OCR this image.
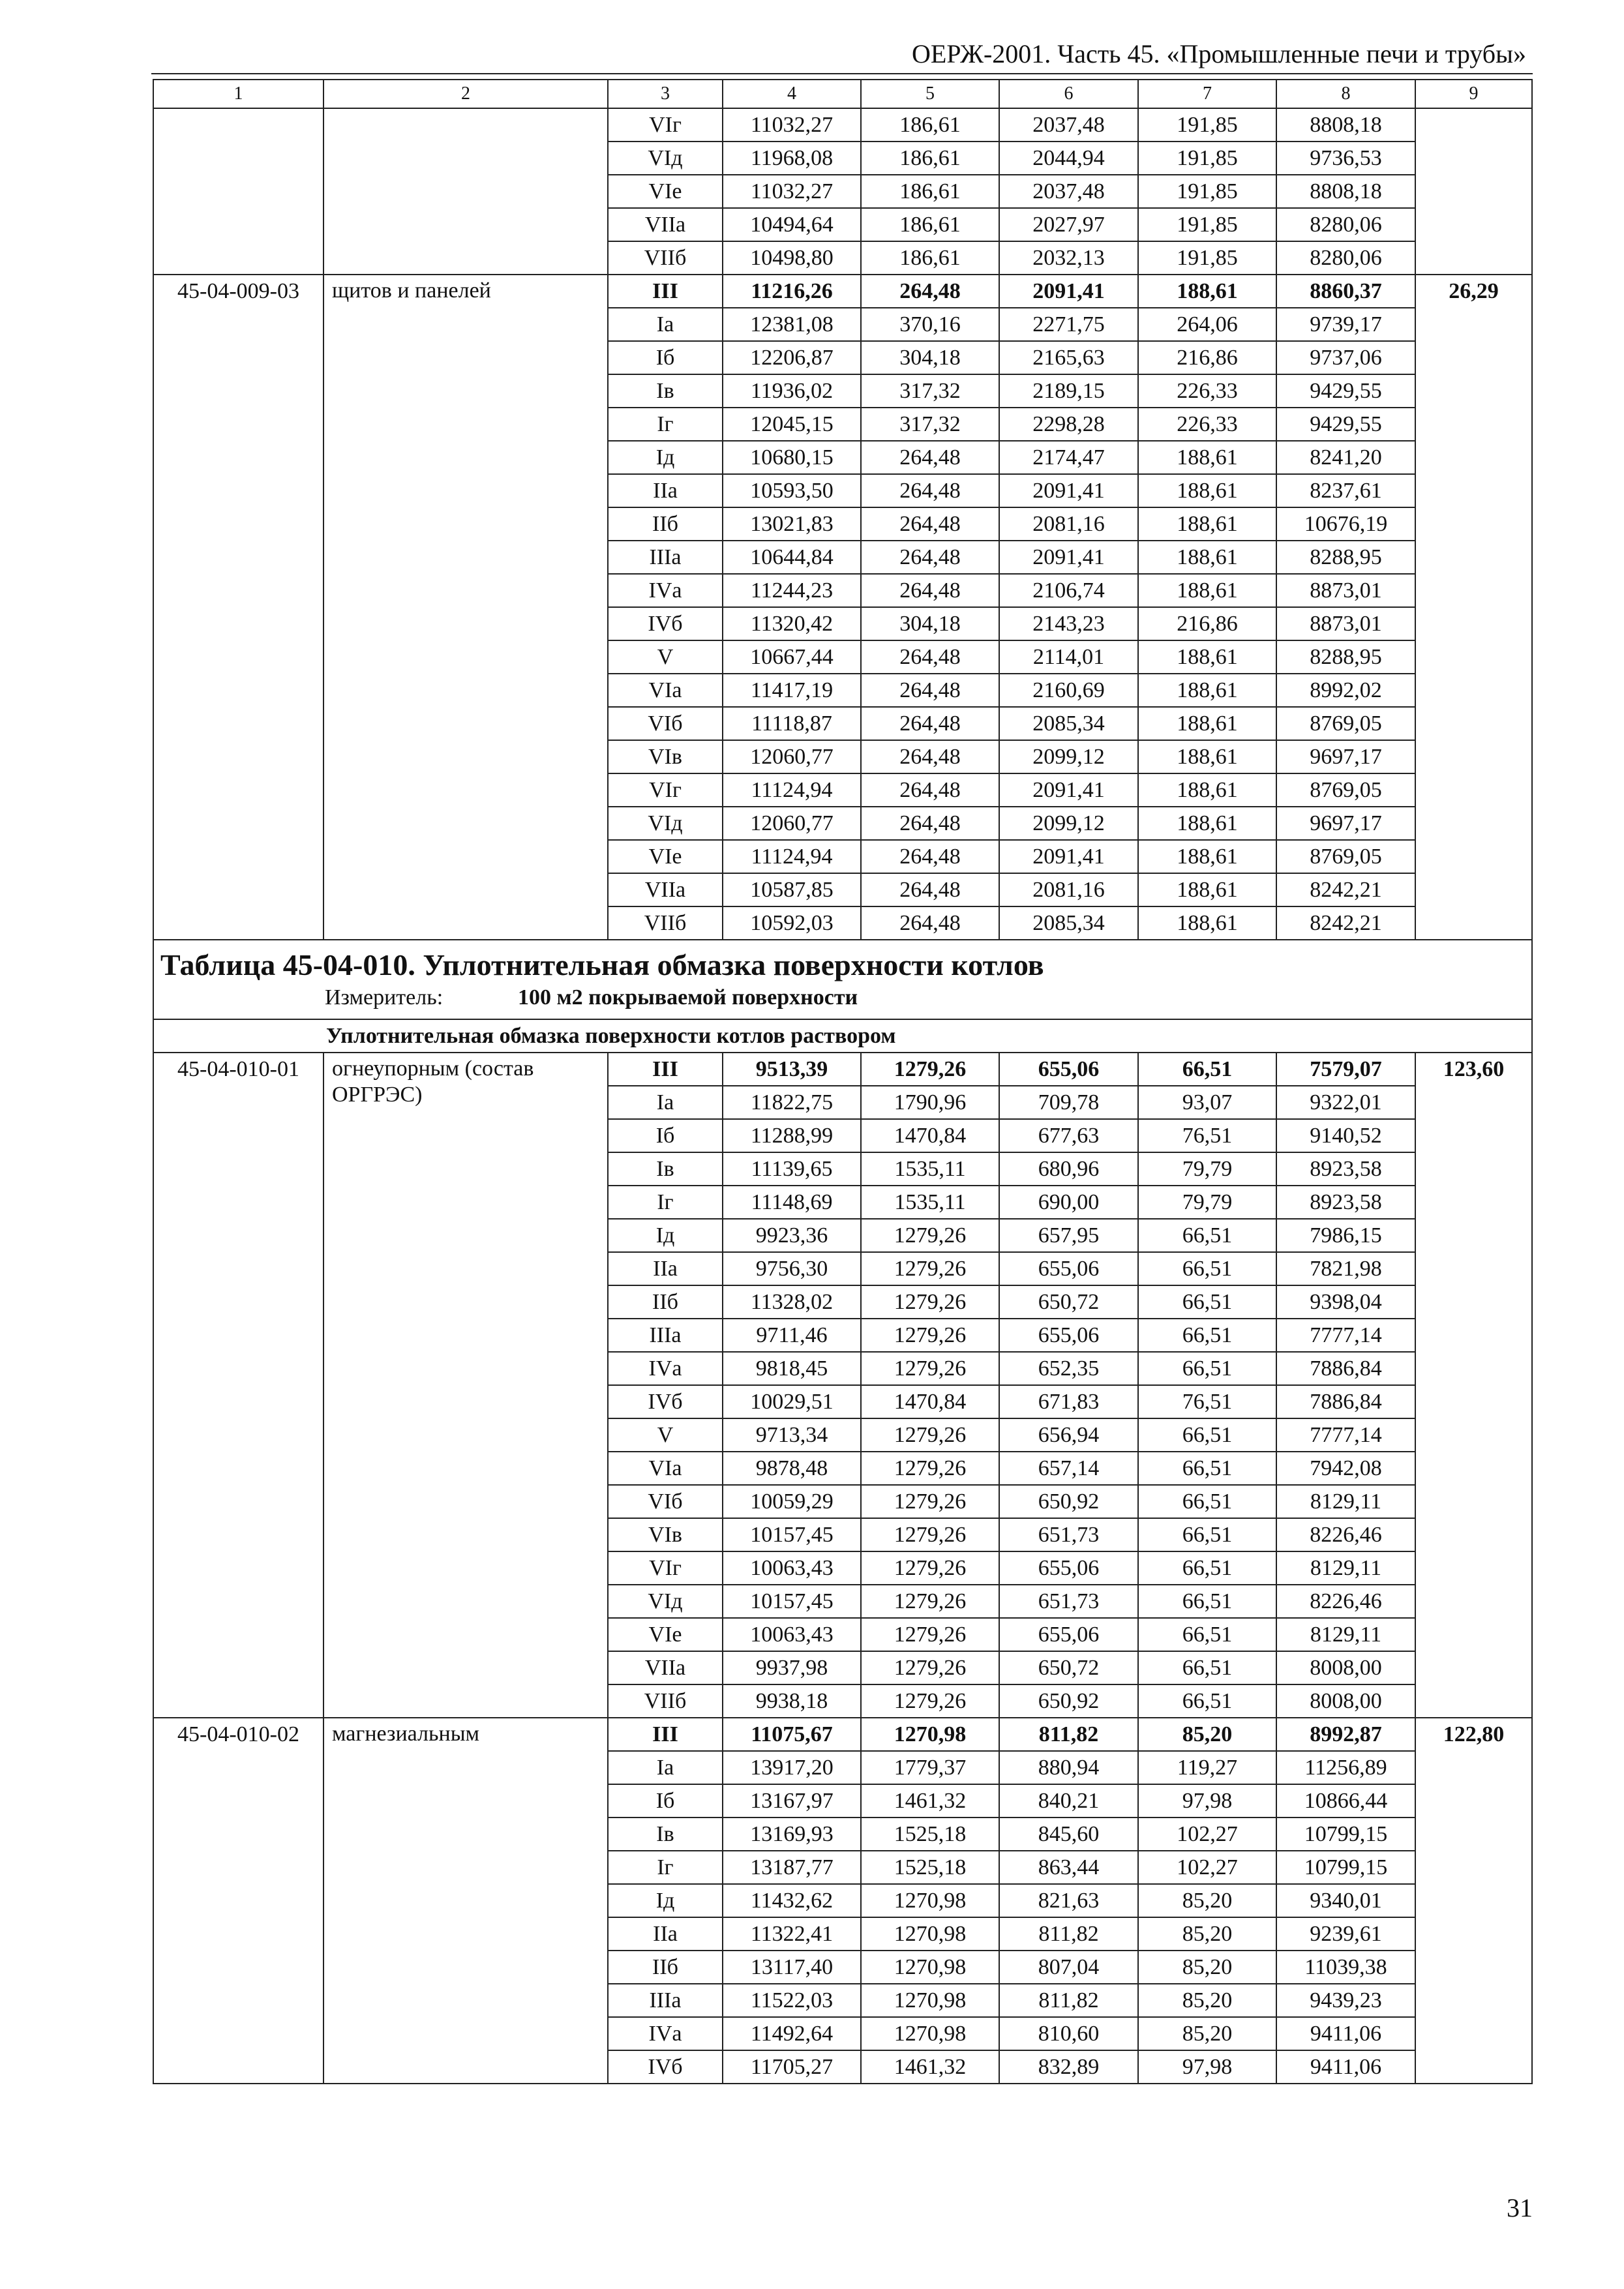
ОЕРЖ-2001. Часть 45. «Промышленные печи и трубы»
1	2	3	4	5	6	7	8	9
		VIг	11032,27	186,61	2037,48	191,85	8808,18	
		VIд	11968,08	186,61	2044,94	191,85	9736,53	
		VIе	11032,27	186,61	2037,48	191,85	8808,18	
		VIIа	10494,64	186,61	2027,97	191,85	8280,06	
		VIIб	10498,80	186,61	2032,13	191,85	8280,06	
45-04-009-03	щитов и панелей	III	11216,26	264,48	2091,41	188,61	8860,37	26,29
		Iа	12381,08	370,16	2271,75	264,06	9739,17	
		Iб	12206,87	304,18	2165,63	216,86	9737,06	
		Iв	11936,02	317,32	2189,15	226,33	9429,55	
		Iг	12045,15	317,32	2298,28	226,33	9429,55	
		Iд	10680,15	264,48	2174,47	188,61	8241,20	
		IIа	10593,50	264,48	2091,41	188,61	8237,61	
		IIб	13021,83	264,48	2081,16	188,61	10676,19	
		IIIа	10644,84	264,48	2091,41	188,61	8288,95	
		IVа	11244,23	264,48	2106,74	188,61	8873,01	
		IVб	11320,42	304,18	2143,23	216,86	8873,01	
		V	10667,44	264,48	2114,01	188,61	8288,95	
		VIа	11417,19	264,48	2160,69	188,61	8992,02	
		VIб	11118,87	264,48	2085,34	188,61	8769,05	
		VIв	12060,77	264,48	2099,12	188,61	9697,17	
		VIг	11124,94	264,48	2091,41	188,61	8769,05	
		VIд	12060,77	264,48	2099,12	188,61	9697,17	
		VIе	11124,94	264,48	2091,41	188,61	8769,05	
		VIIа	10587,85	264,48	2081,16	188,61	8242,21	
		VIIб	10592,03	264,48	2085,34	188,61	8242,21	

Таблица 45-04-010. Уплотнительная обмазка поверхности котлов
Измеритель: 100 м2 покрываемой поверхности								

Уплотнительная обмазка поверхности котлов раствором								
45-04-010-01	огнеупорным (состав ОРГРЭС)	III	9513,39	1279,26	655,06	66,51	7579,07	123,60
		Iа	11822,75	1790,96	709,78	93,07	9322,01	
		Iб	11288,99	1470,84	677,63	76,51	9140,52	
		Iв	11139,65	1535,11	680,96	79,79	8923,58	
		Iг	11148,69	1535,11	690,00	79,79	8923,58	
		Iд	9923,36	1279,26	657,95	66,51	7986,15	
		IIа	9756,30	1279,26	655,06	66,51	7821,98	
		IIб	11328,02	1279,26	650,72	66,51	9398,04	
		IIIа	9711,46	1279,26	655,06	66,51	7777,14	
		IVа	9818,45	1279,26	652,35	66,51	7886,84	
		IVб	10029,51	1470,84	671,83	76,51	7886,84	
		V	9713,34	1279,26	656,94	66,51	7777,14	
		VIа	9878,48	1279,26	657,14	66,51	7942,08	
		VIб	10059,29	1279,26	650,92	66,51	8129,11	
		VIв	10157,45	1279,26	651,73	66,51	8226,46	
		VIг	10063,43	1279,26	655,06	66,51	8129,11	
		VIд	10157,45	1279,26	651,73	66,51	8226,46	
		VIе	10063,43	1279,26	655,06	66,51	8129,11	
		VIIа	9937,98	1279,26	650,72	66,51	8008,00	
		VIIб	9938,18	1279,26	650,92	66,51	8008,00	
45-04-010-02	магнезиальным	III	11075,67	1270,98	811,82	85,20	8992,87	122,80
		Iа	13917,20	1779,37	880,94	119,27	11256,89	
		Iб	13167,97	1461,32	840,21	97,98	10866,44	
		Iв	13169,93	1525,18	845,60	102,27	10799,15	
		Iг	13187,77	1525,18	863,44	102,27	10799,15	
		Iд	11432,62	1270,98	821,63	85,20	9340,01	
		IIа	11322,41	1270,98	811,82	85,20	9239,61	
		IIб	13117,40	1270,98	807,04	85,20	11039,38	
		IIIа	11522,03	1270,98	811,82	85,20	9439,23	
		IVа	11492,64	1270,98	810,60	85,20	9411,06	
		IVб	11705,27	1461,32	832,89	97,98	9411,06	
31
